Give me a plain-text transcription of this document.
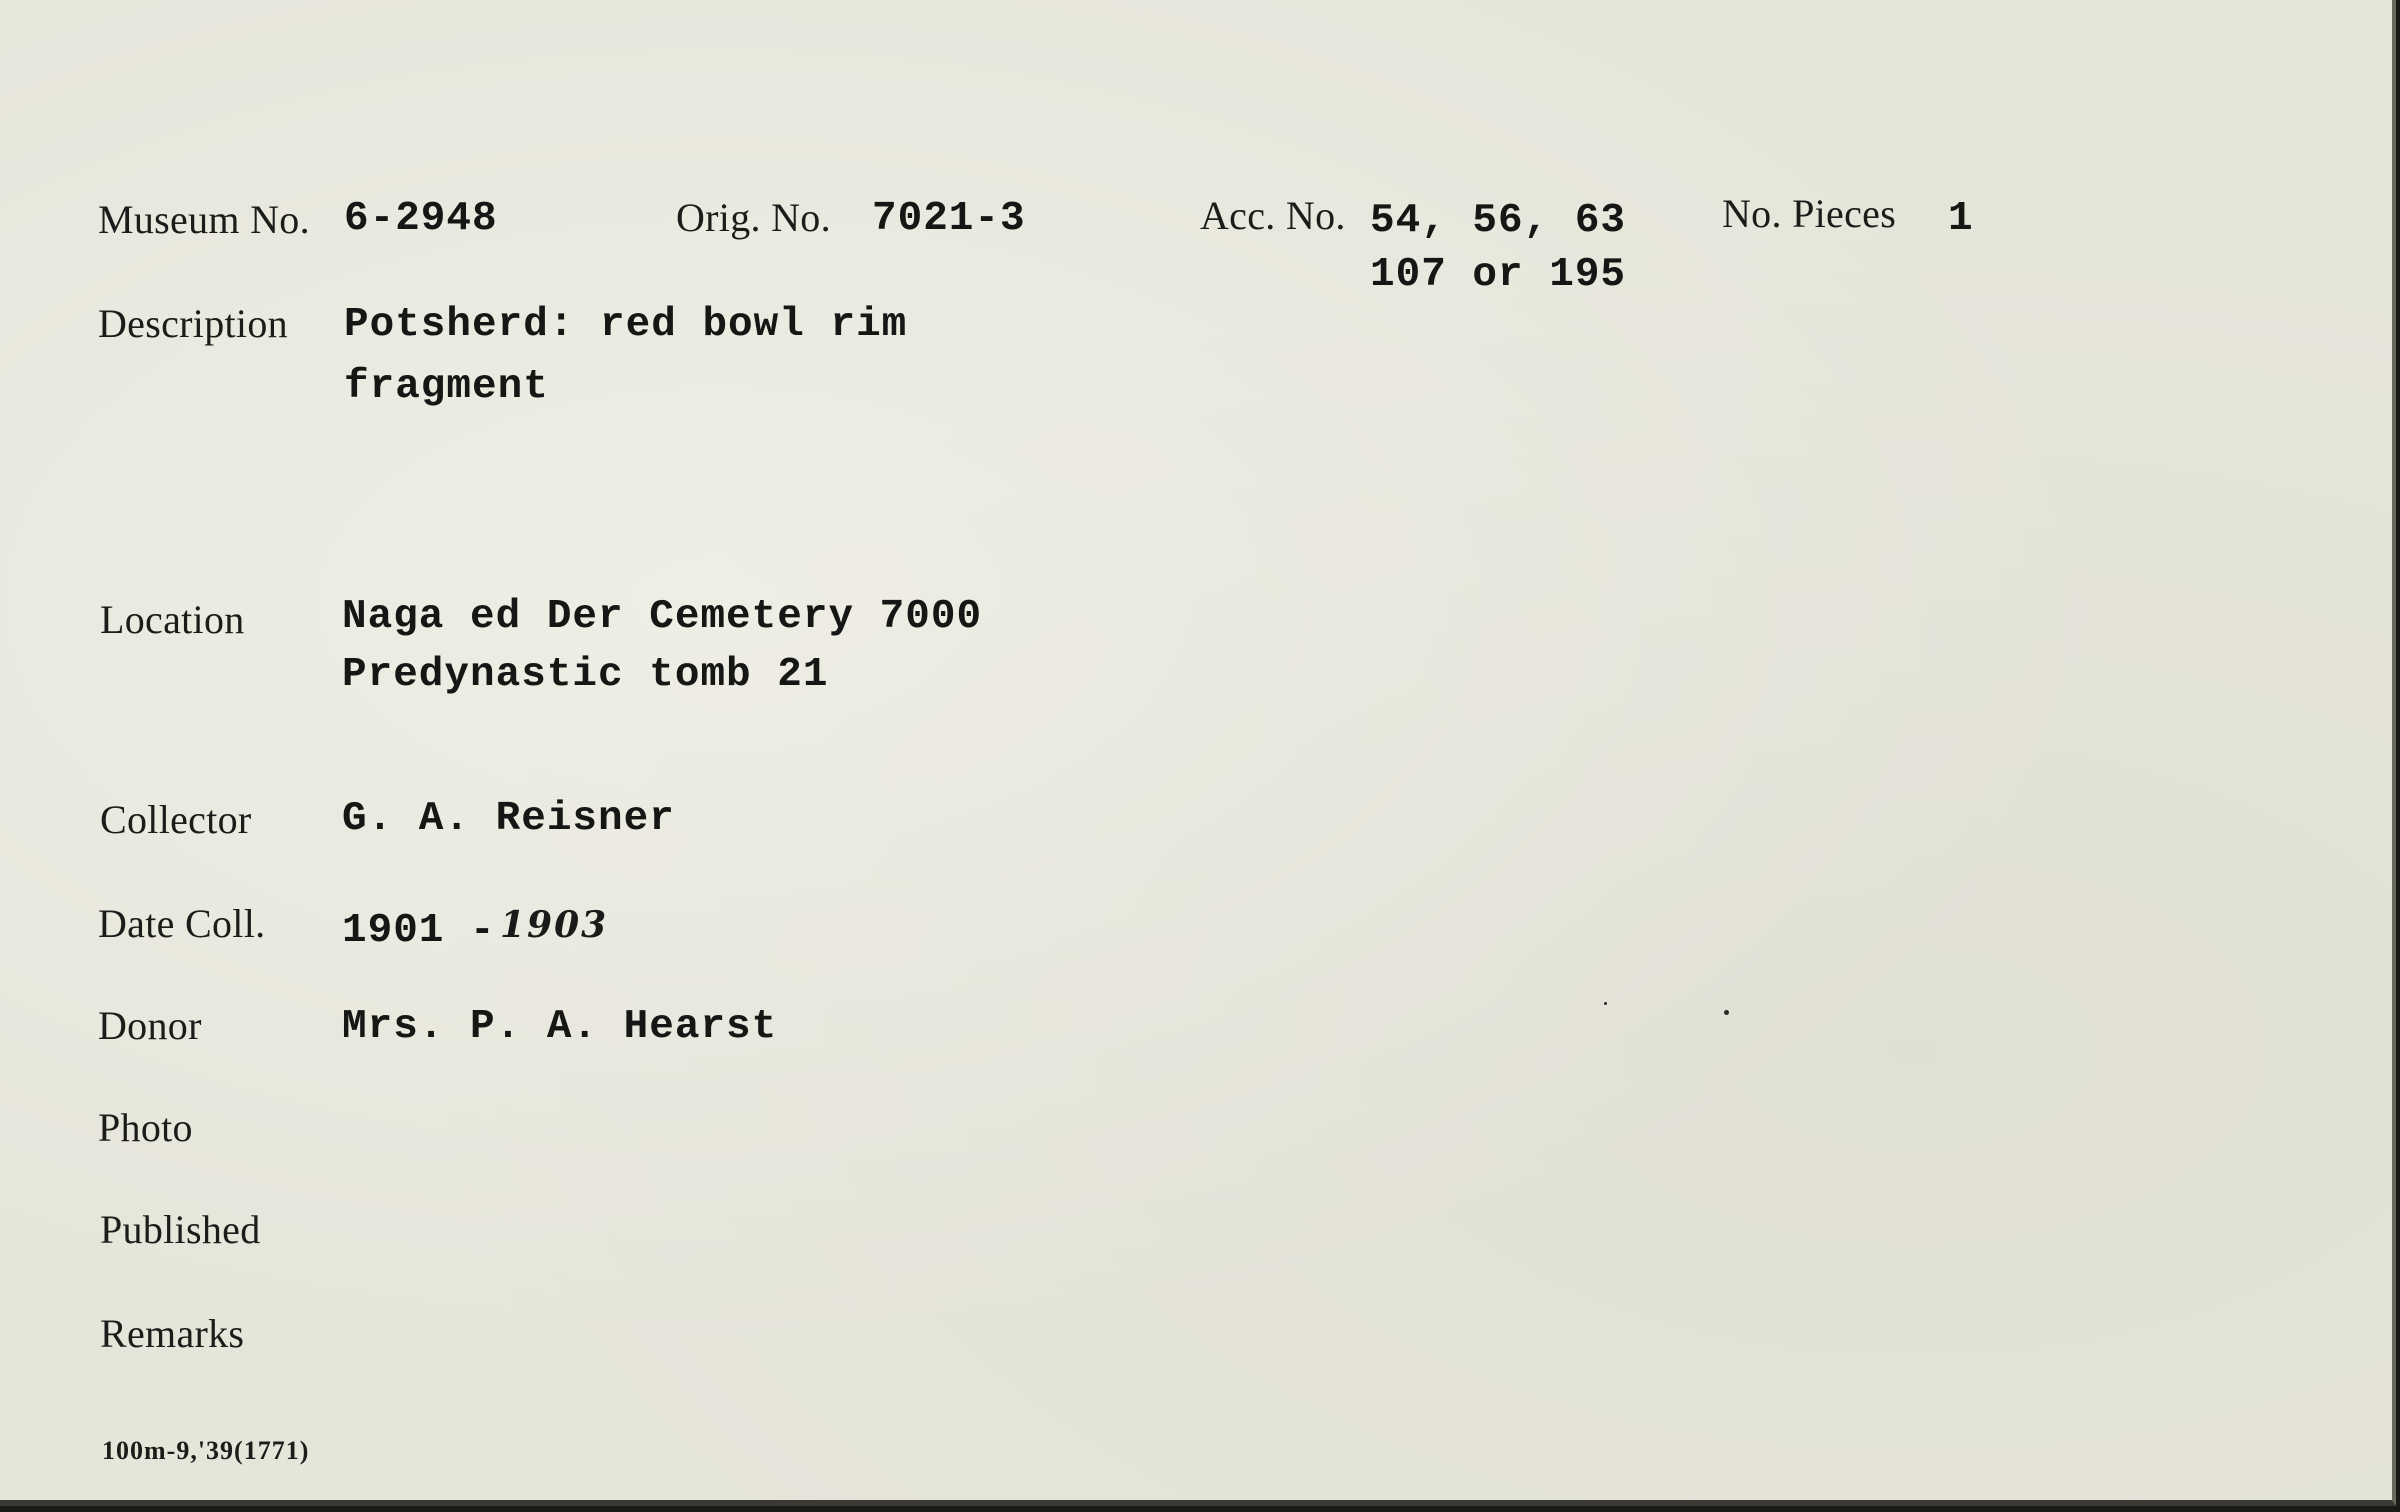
Museum No. 6-2948	Orig. No. 7021-3	Acc. No. 54, 56, 63
107 or 195
No. Pieces 1
Description Potsherd: red bowl rim
fragment
Location Naga ed Der Cemetery 7000
Predynastic tomb 21
Collector G. A. Reisner
Date Coll. 1901 - 1903
Donor	Mrs. P. A. Hearst
Photo
Published
Remarks
100m-9,'39(1771)
